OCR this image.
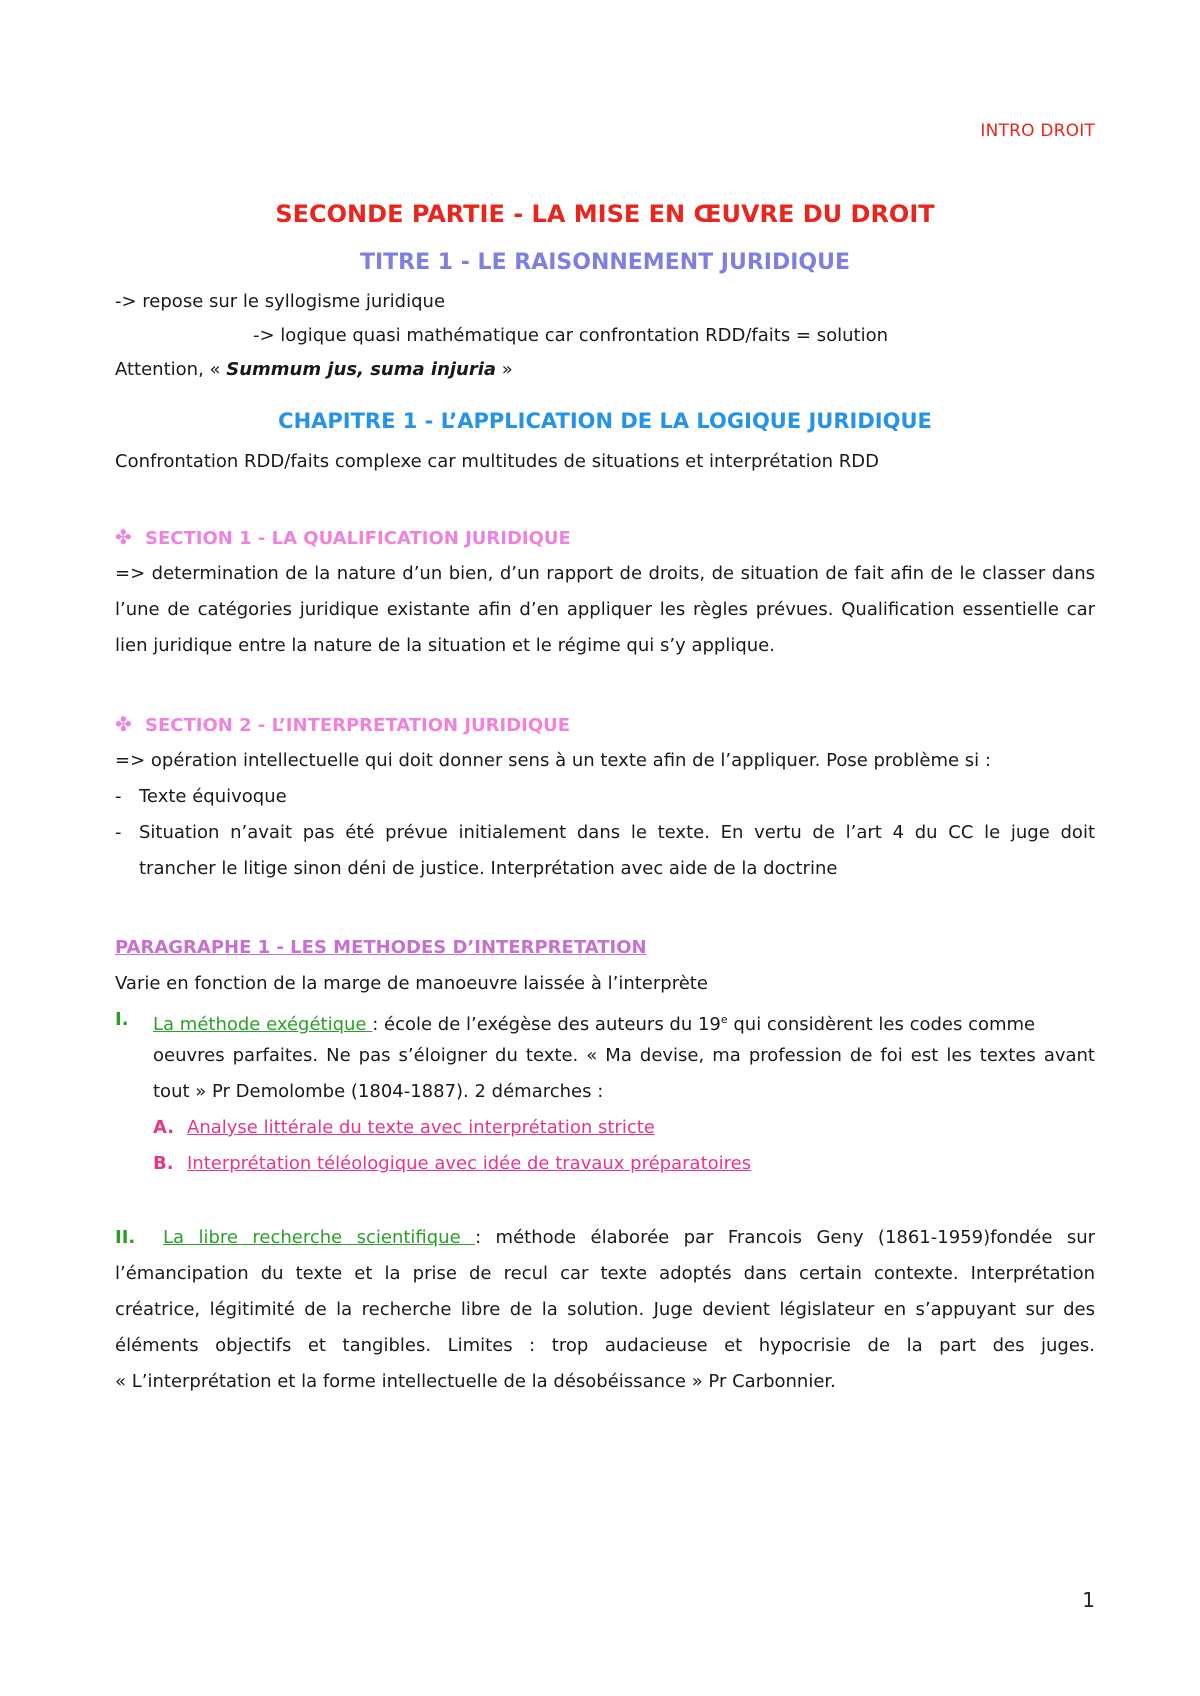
INTRO DROIT
SECONDE PARTIE - LA MISE EN ŒUVRE DU DROIT
TITRE 1 - LE RAISONNEMENT JURIDIQUE
-> repose sur le syllogisme juridique
-> logique quasi mathématique car confrontation RDD/faits = solution
Attention, « Summum jus, suma injuria »
CHAPITRE 1 - L’APPLICATION DE LA LOGIQUE JURIDIQUE
Confrontation RDD/faits complexe car multitudes de situations et interprétation RDD
✤ SECTION 1 - LA QUALIFICATION JURIDIQUE
=> determination de la nature d’un bien, d’un rapport de droits, de situation de fait afin de le classer dans
l’une de catégories juridique existante afin d’en appliquer les règles prévues. Qualification essentielle car
lien juridique entre la nature de la situation et le régime qui s’y applique.
✤ SECTION 2 - L’INTERPRETATION JURIDIQUE
=> opération intellectuelle qui doit donner sens à un texte afin de l’appliquer. Pose problème si :
- Texte équivoque
- Situation n’avait pas été prévue initialement dans le texte. En vertu de l’art 4 du CC le juge doit
trancher le litige sinon déni de justice. Interprétation avec aide de la doctrine
PARAGRAPHE 1 - LES METHODES D’INTERPRETATION
Varie en fonction de la marge de manoeuvre laissée à l’interprète
I. La méthode exégétique : école de l’exégèse des auteurs du 19e qui considèrent les codes comme
oeuvres parfaites. Ne pas s’éloigner du texte. « Ma devise, ma profession de foi est les textes avant
tout » Pr Demolombe (1804-1887). 2 démarches :
A. Analyse littérale du texte avec interprétation stricte
B. Interprétation téléologique avec idée de travaux préparatoires
II. La libre recherche scientifique : méthode élaborée par Francois Geny (1861-1959)fondée sur
l’émancipation du texte et la prise de recul car texte adoptés dans certain contexte. Interprétation
créatrice, légitimité de la recherche libre de la solution. Juge devient législateur en s’appuyant sur des
éléments objectifs et tangibles. Limites : trop audacieuse et hypocrisie de la part des juges.
« L’interprétation et la forme intellectuelle de la désobéissance » Pr Carbonnier.
1
